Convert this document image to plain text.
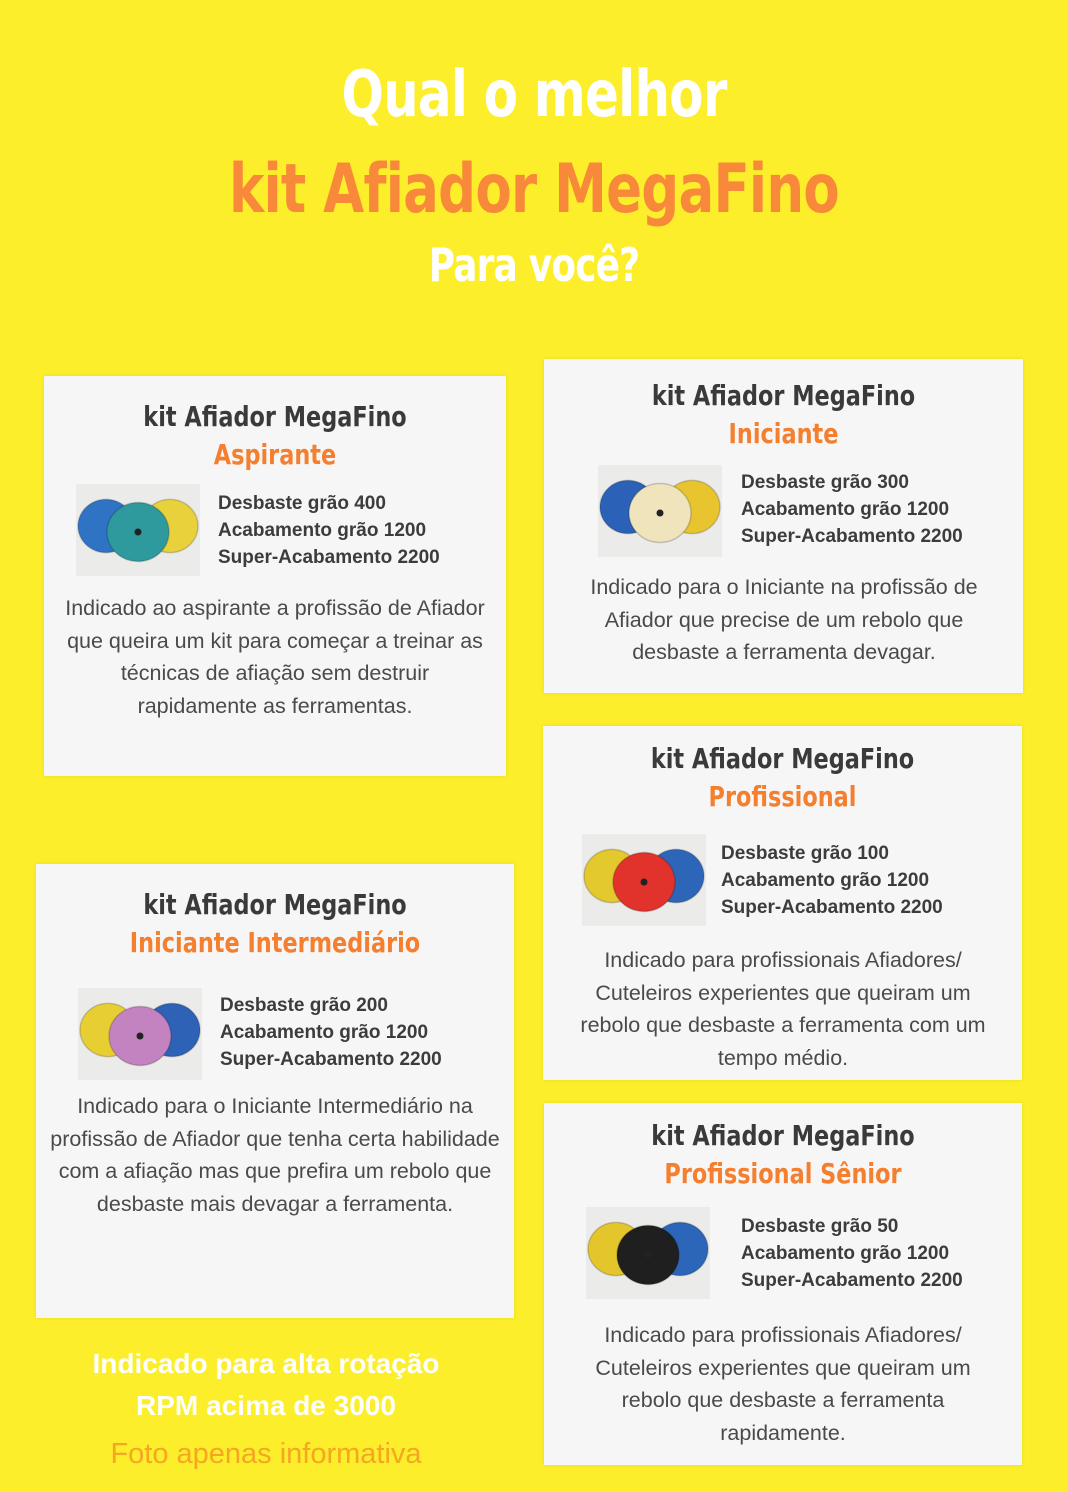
Qual o melhor
kit Afiador MegaFino
Para você?
kit Afiador MegaFino
Aspirante
Desbaste grão 400
Acabamento grão 1200
Super-Acabamento 2200
Indicado ao aspirante a profissão de Afiador que queira um kit para começar a treinar as técnicas de afiação sem destruir rapidamente as ferramentas.
kit Afiador MegaFino
Iniciante
Desbaste grão 300
Acabamento grão 1200
Super-Acabamento 2200
Indicado para o Iniciante na profissão de Afiador que precise de um rebolo que desbaste a ferramenta devagar.
kit Afiador MegaFino
Profissional
Desbaste grão 100
Acabamento grão 1200
Super-Acabamento 2200
Indicado para profissionais Afiadores/ Cuteleiros experientes que queiram um rebolo que desbaste a ferramenta com um tempo médio.
kit Afiador MegaFino
Iniciante Intermediário
Desbaste grão 200
Acabamento grão 1200
Super-Acabamento 2200
Indicado para o Iniciante Intermediário na profissão de Afiador que tenha certa habilidade com a afiação mas que prefira um rebolo que desbaste mais devagar a ferramenta.
kit Afiador MegaFino
Profissional Sênior
Desbaste grão 50
Acabamento grão 1200
Super-Acabamento 2200
Indicado para profissionais Afiadores/ Cuteleiros experientes que queiram um rebolo que desbaste a ferramenta rapidamente.
Indicado para alta rotação
RPM acima de 3000
Foto apenas informativa
